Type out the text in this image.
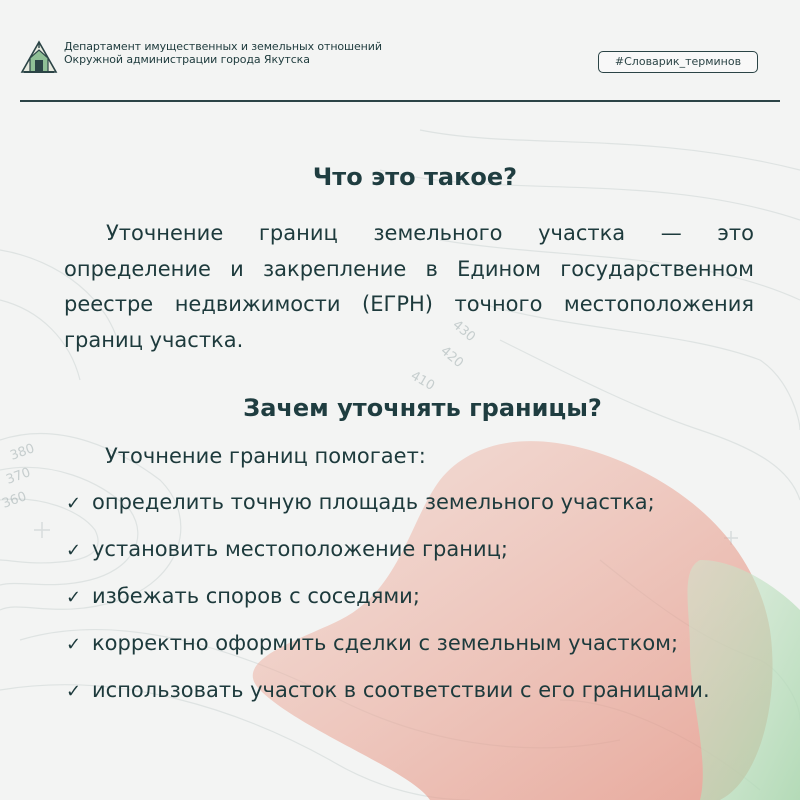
430
420
410
380
370
360
Департамент имущественных и земельных отношений
Окружной администрации города Якутска	#Словарик_терминов
Что это такое?

Уточнение границ земельного участка — это определение и закрепление в Едином государственном реестре недвижимости (ЕГРН) точного местоположения границ участка.

Зачем уточнять границы?
Уточнение границ помогает:
✓ определить точную площадь земельного участка;
✓ установить местоположение границ;
✓ избежать споров с соседями;
✓ корректно оформить сделки с земельным участком;
✓ использовать участок в соответствии с его границами.
